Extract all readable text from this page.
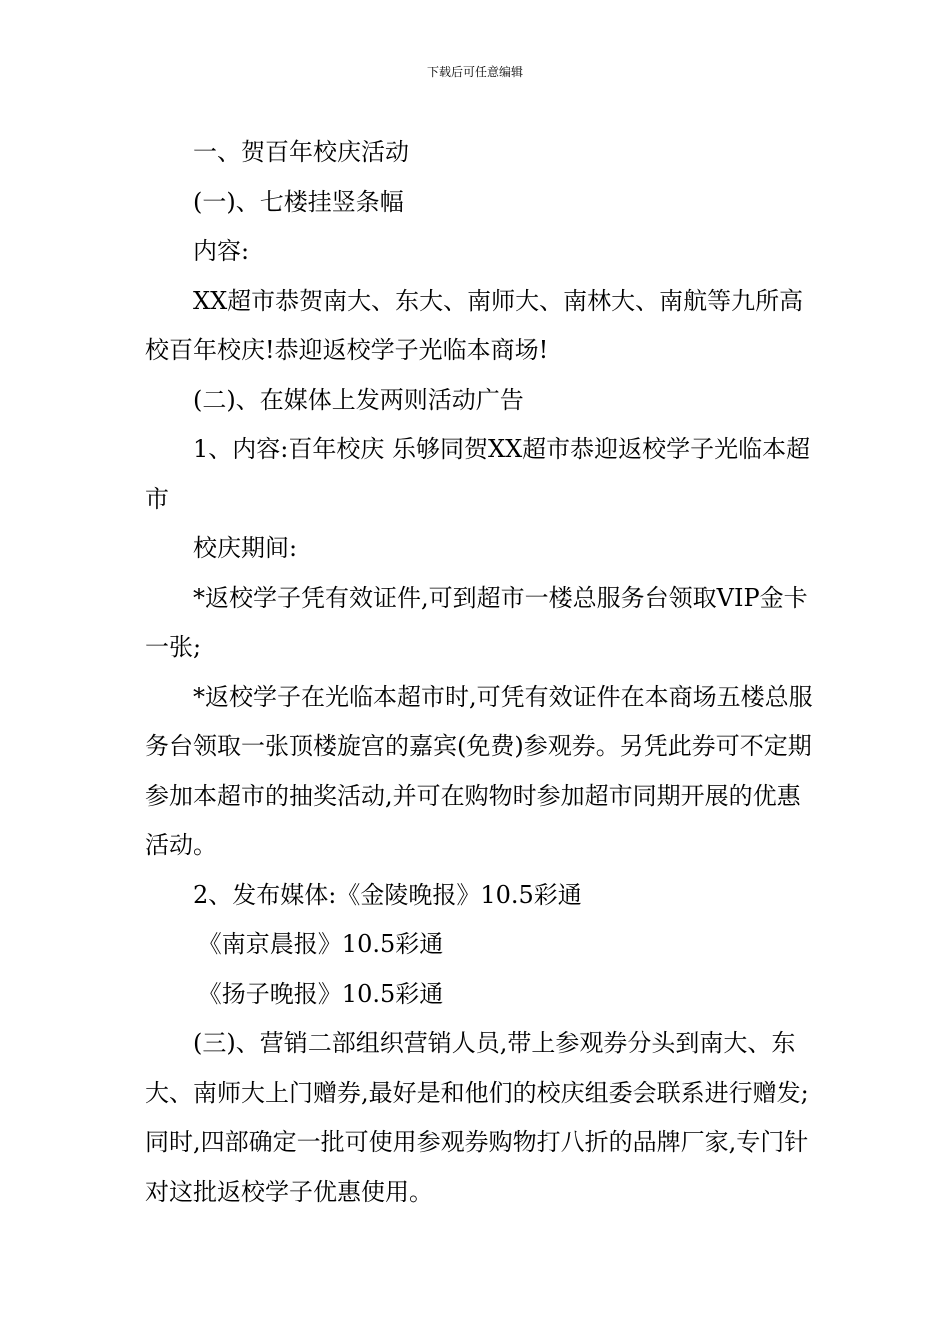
下载后可任意编辑

一、贺百年校庆活动

(一)、七楼挂竖条幅

内容:

XX超市恭贺南大、东大、南师大、南林大、南航等九所高校百年校庆!恭迎返校学子光临本商场!

(二)、在媒体上发两则活动广告

1、内容:百年校庆 乐够同贺XX超市恭迎返校学子光临本超市

校庆期间:

*返校学子凭有效证件,可到超市一楼总服务台领取VIP金卡一张;

*返校学子在光临本超市时,可凭有效证件在本商场五楼总服务台领取一张顶楼旋宫的嘉宾(免费)参观券。另凭此券可不定期参加本超市的抽奖活动,并可在购物时参加超市同期开展的优惠活动。

2、发布媒体:《金陵晚报》10.5彩通

《南京晨报》10.5彩通

《扬子晚报》10.5彩通

(三)、营销二部组织营销人员,带上参观券分头到南大、东大、南师大上门赠券,最好是和他们的校庆组委会联系进行赠发;同时,四部确定一批可使用参观券购物打八折的品牌厂家,专门针对这批返校学子优惠使用。
